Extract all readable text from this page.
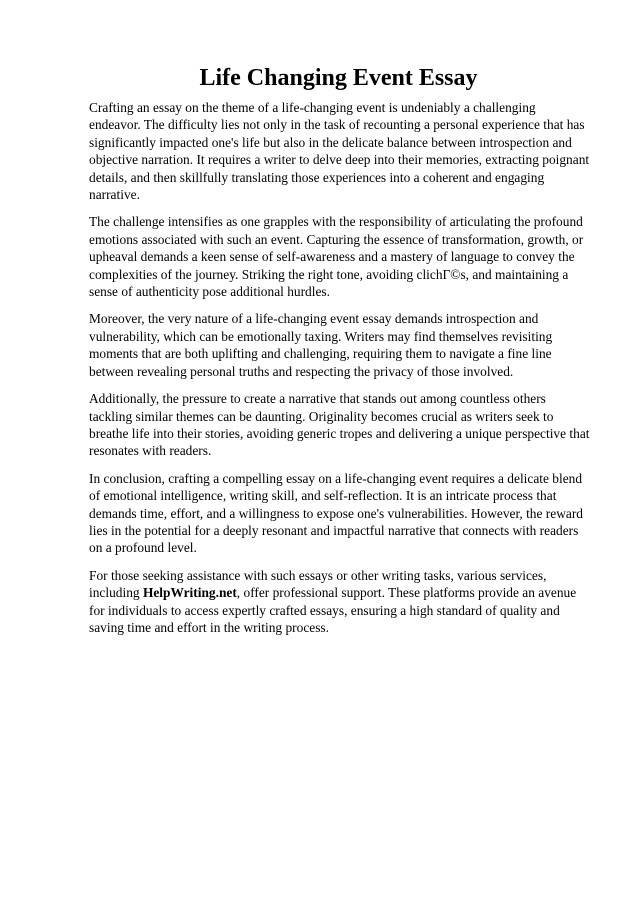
Life Changing Event Essay

Crafting an essay on the theme of a life-changing event is undeniably a challenging endeavor. The difficulty lies not only in the task of recounting a personal experience that has significantly impacted one's life but also in the delicate balance between introspection and objective narration. It requires a writer to delve deep into their memories, extracting poignant details, and then skillfully translating those experiences into a coherent and engaging narrative.

The challenge intensifies as one grapples with the responsibility of articulating the profound emotions associated with such an event. Capturing the essence of transformation, growth, or upheaval demands a keen sense of self-awareness and a mastery of language to convey the complexities of the journey. Striking the right tone, avoiding clichГ©s, and maintaining a sense of authenticity pose additional hurdles.

Moreover, the very nature of a life-changing event essay demands introspection and vulnerability, which can be emotionally taxing. Writers may find themselves revisiting moments that are both uplifting and challenging, requiring them to navigate a fine line between revealing personal truths and respecting the privacy of those involved.

Additionally, the pressure to create a narrative that stands out among countless others tackling similar themes can be daunting. Originality becomes crucial as writers seek to breathe life into their stories, avoiding generic tropes and delivering a unique perspective that resonates with readers.

In conclusion, crafting a compelling essay on a life-changing event requires a delicate blend of emotional intelligence, writing skill, and self-reflection. It is an intricate process that demands time, effort, and a willingness to expose one's vulnerabilities. However, the reward lies in the potential for a deeply resonant and impactful narrative that connects with readers on a profound level.

For those seeking assistance with such essays or other writing tasks, various services, including HelpWriting.net, offer professional support. These platforms provide an avenue for individuals to access expertly crafted essays, ensuring a high standard of quality and saving time and effort in the writing process.
